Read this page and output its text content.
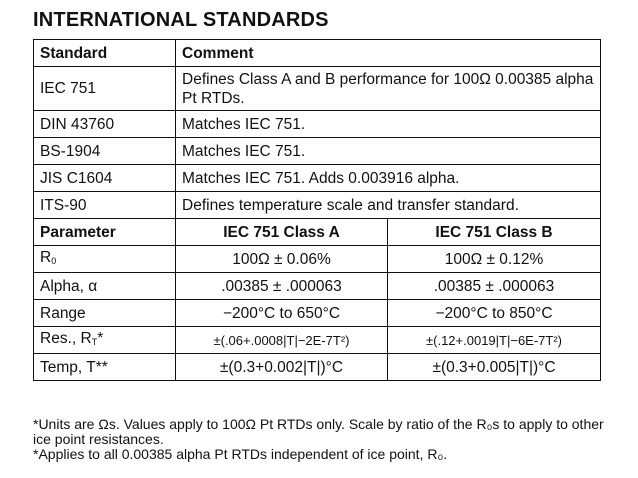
INTERNATIONAL STANDARDS
Standard	Comment	
IEC 751	Defines Class A and B performance for 100Ω 0.00385 alpha Pt RTDs.	
DIN 43760	Matches IEC 751.	
BS-1904	Matches IEC 751.	
JIS C1604	Matches IEC 751. Adds 0.003916 alpha.	
ITS-90	Defines temperature scale and transfer standard.	
Parameter	IEC 751 Class A	IEC 751 Class B
$R_0$	100Ω ± 0.06%	100Ω ± 0.12%
Alpha, α	.00385 ± .000063	.00385 ± .000063
Range	−200°C to 650°C	−200°C to 850°C
Res., $R_T*$	±(.06+.0008|T|−2E-7T²)	±(.12+.0019|T|−6E-7T²)
Temp, T**	±(0.3+0.002|T|)°C	±(0.3+0.005|T|)°C
*Units are Ωs. Values apply to 100Ω Pt RTDs only. Scale by ratio of the R₀s to apply to other ice point resistances.
*Applies to all 0.00385 alpha Pt RTDs independent of ice point, R₀.
